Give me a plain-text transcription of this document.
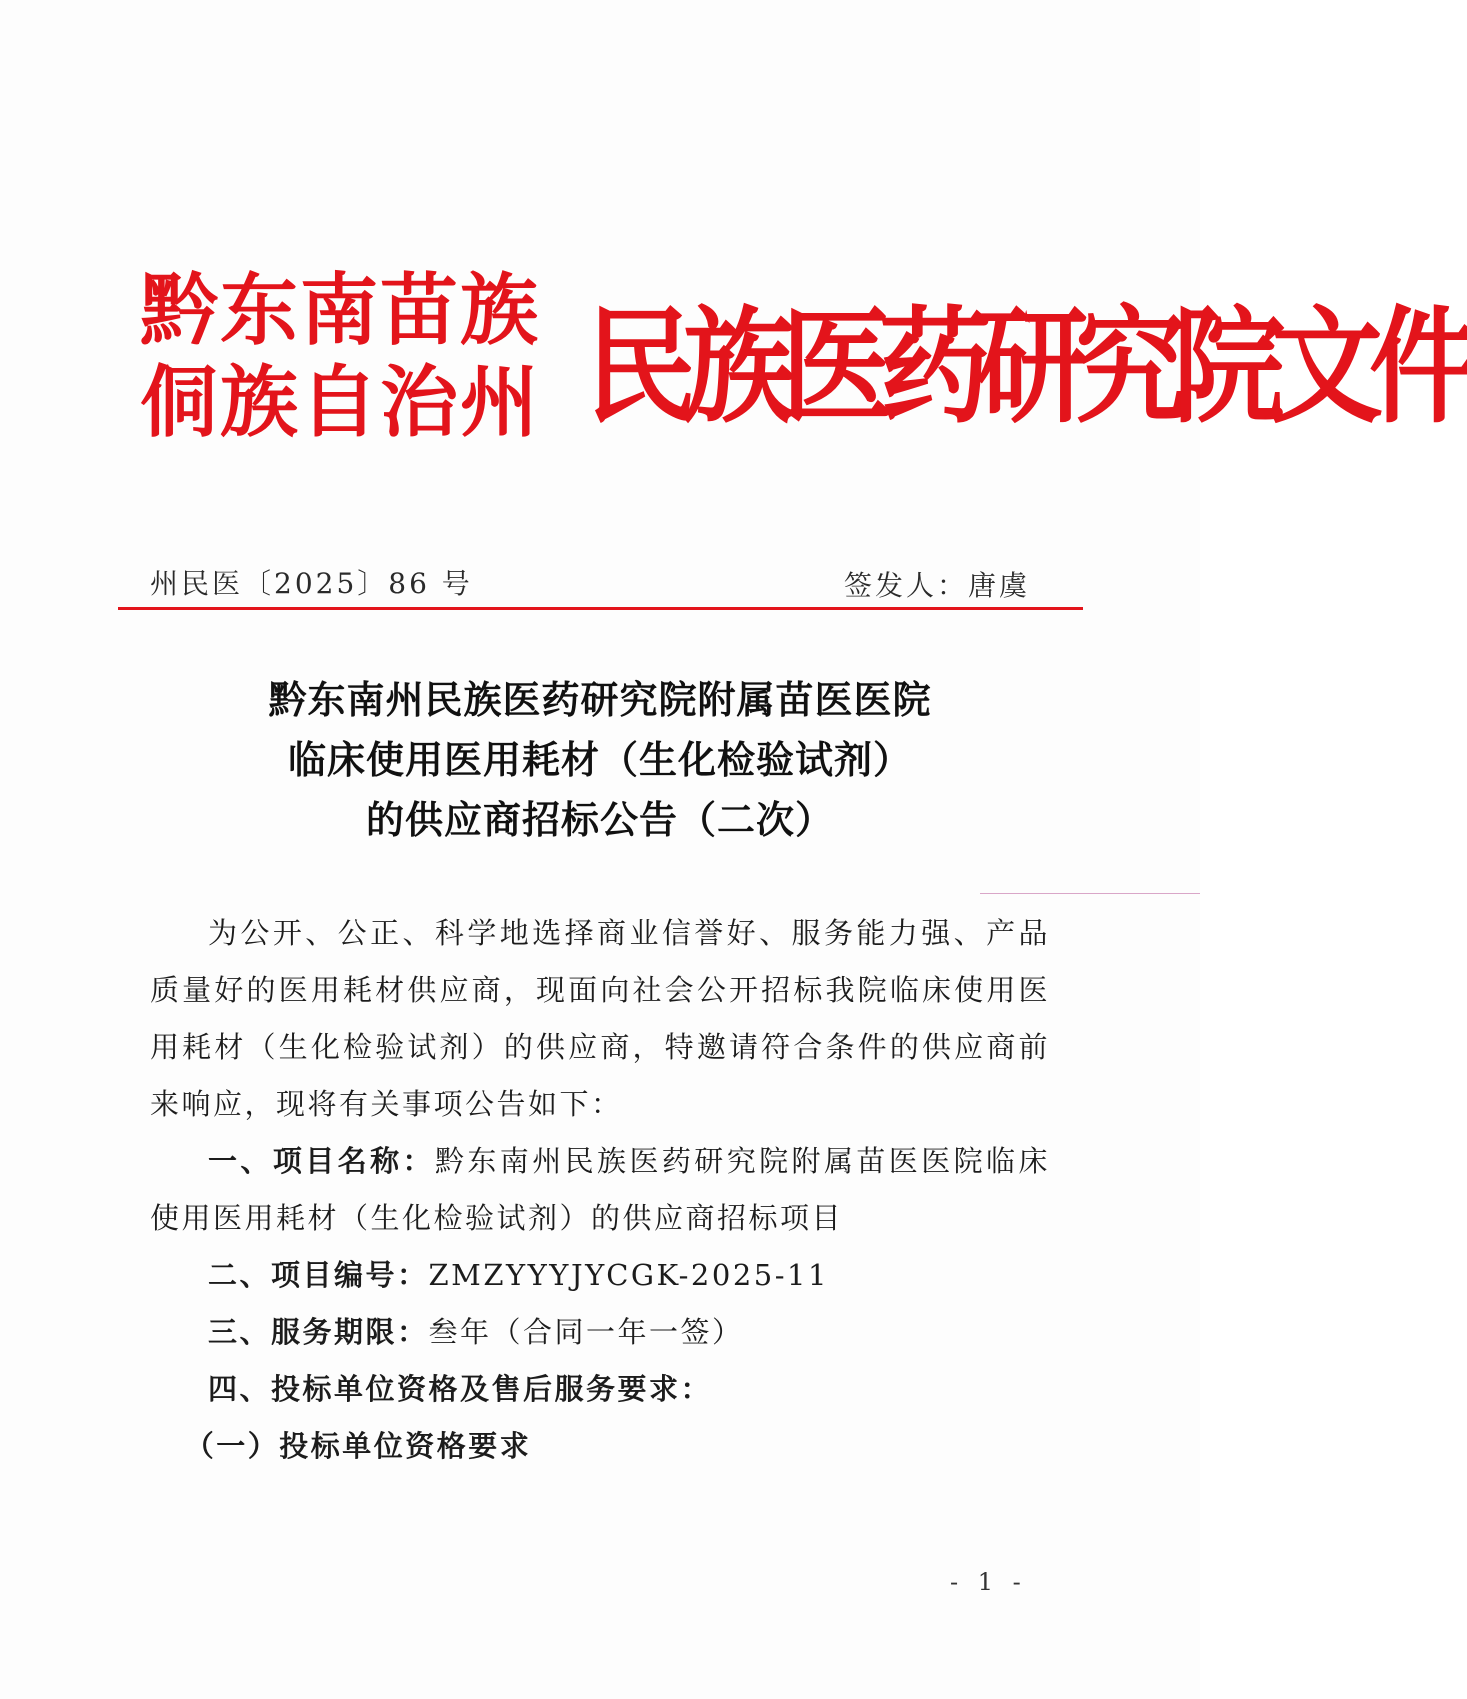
黔东南苗族
侗族自治州 民族医药研究院文件
州民医〔2025〕86 号	签发人：唐虞
黔东南州民族医药研究院附属苗医医院
临床使用医用耗材（生化检验试剂）
的供应商招标公告（二次）

为公开、公正、科学地选择商业信誉好、服务能力强、产品质量好的医用耗材供应商，现面向社会公开招标我院临床使用医用耗材（生化检验试剂）的供应商，特邀请符合条件的供应商前来响应，现将有关事项公告如下：

一、项目名称：黔东南州民族医药研究院附属苗医医院临床使用医用耗材（生化检验试剂）的供应商招标项目

二、项目编号：ZMZYYYJYCGK-2025-11

三、服务期限：叁年（合同一年一签）

四、投标单位资格及售后服务要求：

（一）投标单位资格要求

- 1 -
